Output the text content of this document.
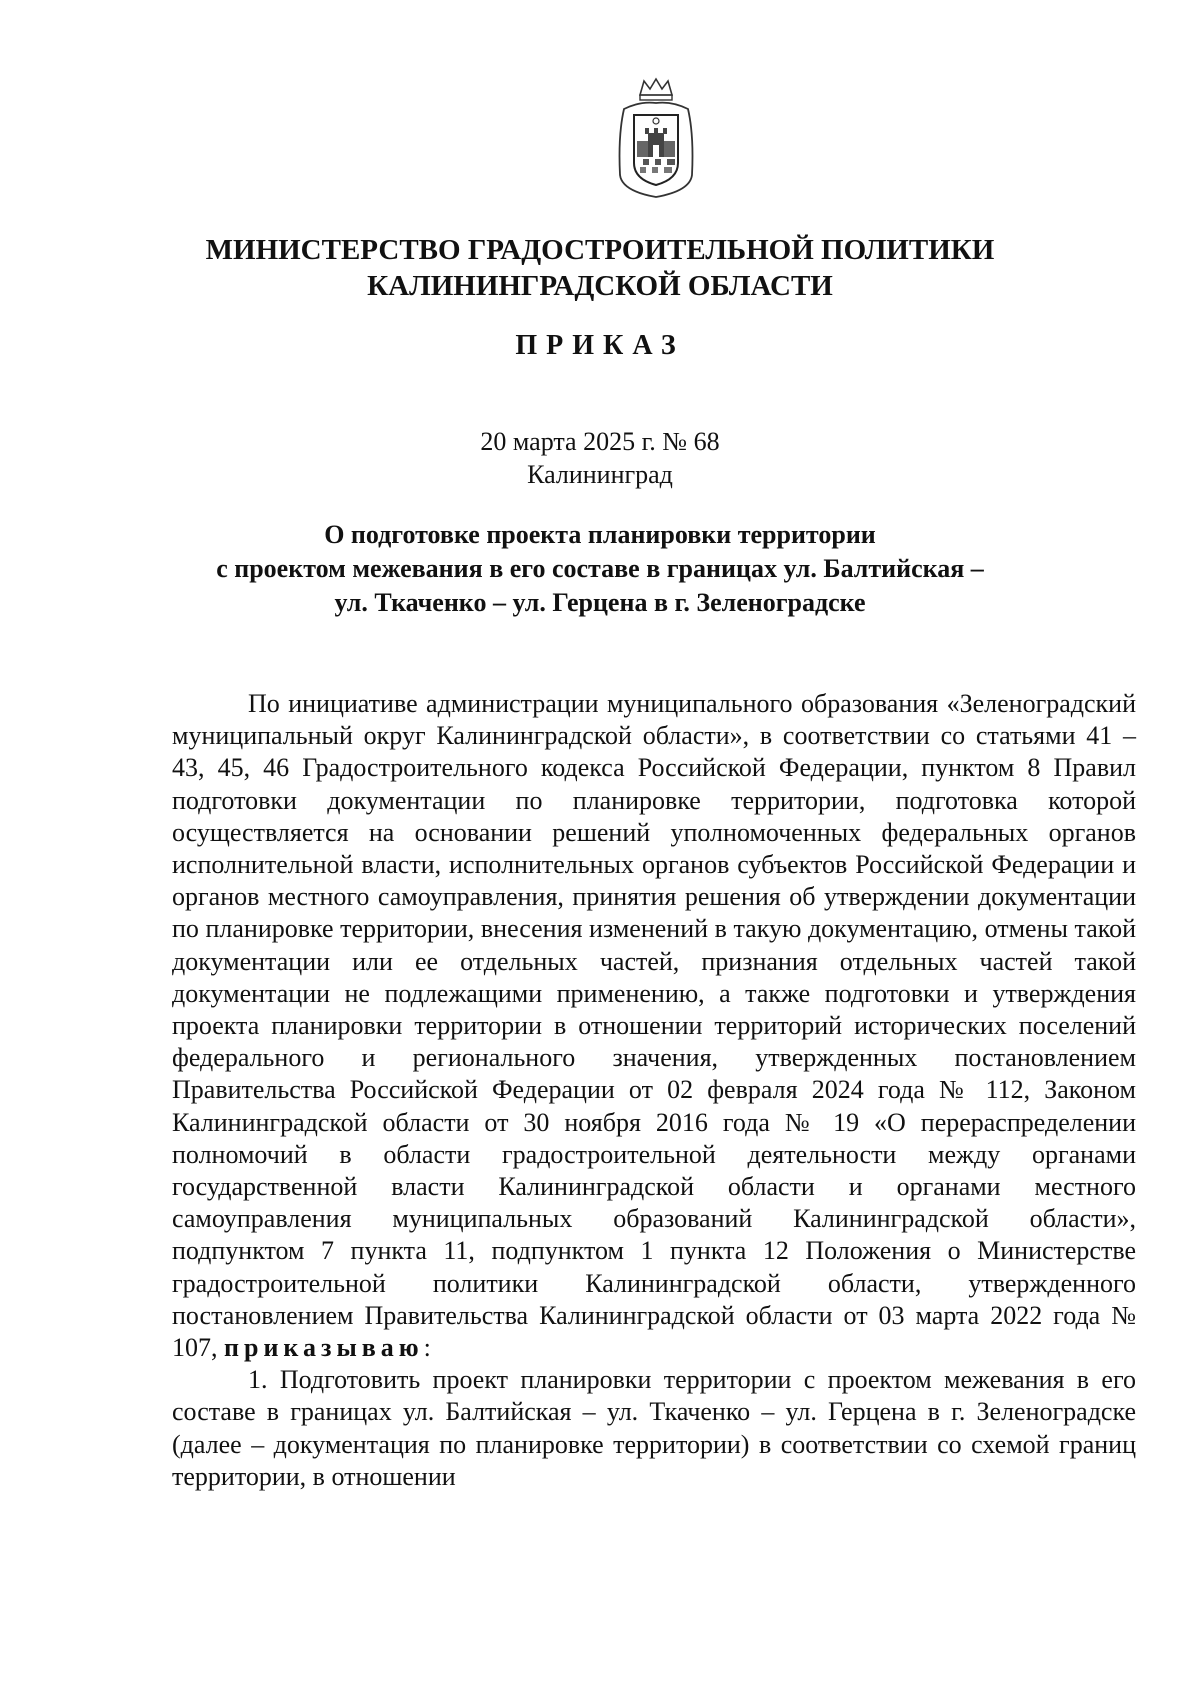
МИНИСТЕРСТВО ГРАДОСТРОИТЕЛЬНОЙ ПОЛИТИКИ
КАЛИНИНГРАДСКОЙ ОБЛАСТИ
ПРИКАЗ
20 марта 2025 г. № 68
Калининград
О подготовке проекта планировки территории
с проектом межевания в его составе в границах ул. Балтийская –
ул. Ткаченко – ул. Герцена в г. Зеленоградске

По инициативе администрации муниципального образования «Зеленоградский муниципальный округ Калининградской области», в соответствии со статьями 41 – 43, 45, 46 Градостроительного кодекса Российской Федерации, пунктом 8 Правил подготовки документации по планировке территории, подготовка которой осуществляется на основании решений уполномоченных федеральных органов исполнительной власти, исполнительных органов субъектов Российской Федерации и органов местного самоуправления, принятия решения об утверждении документации по планировке территории, внесения изменений в такую документацию, отмены такой документации или ее отдельных частей, признания отдельных частей такой документации не подлежащими применению, а также подготовки и утверждения проекта планировки территории в отношении территорий исторических поселений федерального и регионального значения, утвержденных постановлением Правительства Российской Федерации от 02 февраля 2024 года № 112, Законом Калининградской области от 30 ноября 2016 года № 19 «О перераспределении полномочий в области градостроительной деятельности между органами государственной власти Калининградской области и органами местного самоуправления муниципальных образований Калининградской области», подпунктом 7 пункта 11, подпунктом 1 пункта 12 Положения о Министерстве градостроительной политики Калининградской области, утвержденного постановлением Правительства Калининградской области от 03 марта 2022 года № 107, приказываю:

1. Подготовить проект планировки территории с проектом межевания в его составе в границах ул. Балтийская – ул. Ткаченко – ул. Герцена в г. Зеленоградске (далее – документация по планировке территории) в соответствии со схемой границ территории, в отношении
